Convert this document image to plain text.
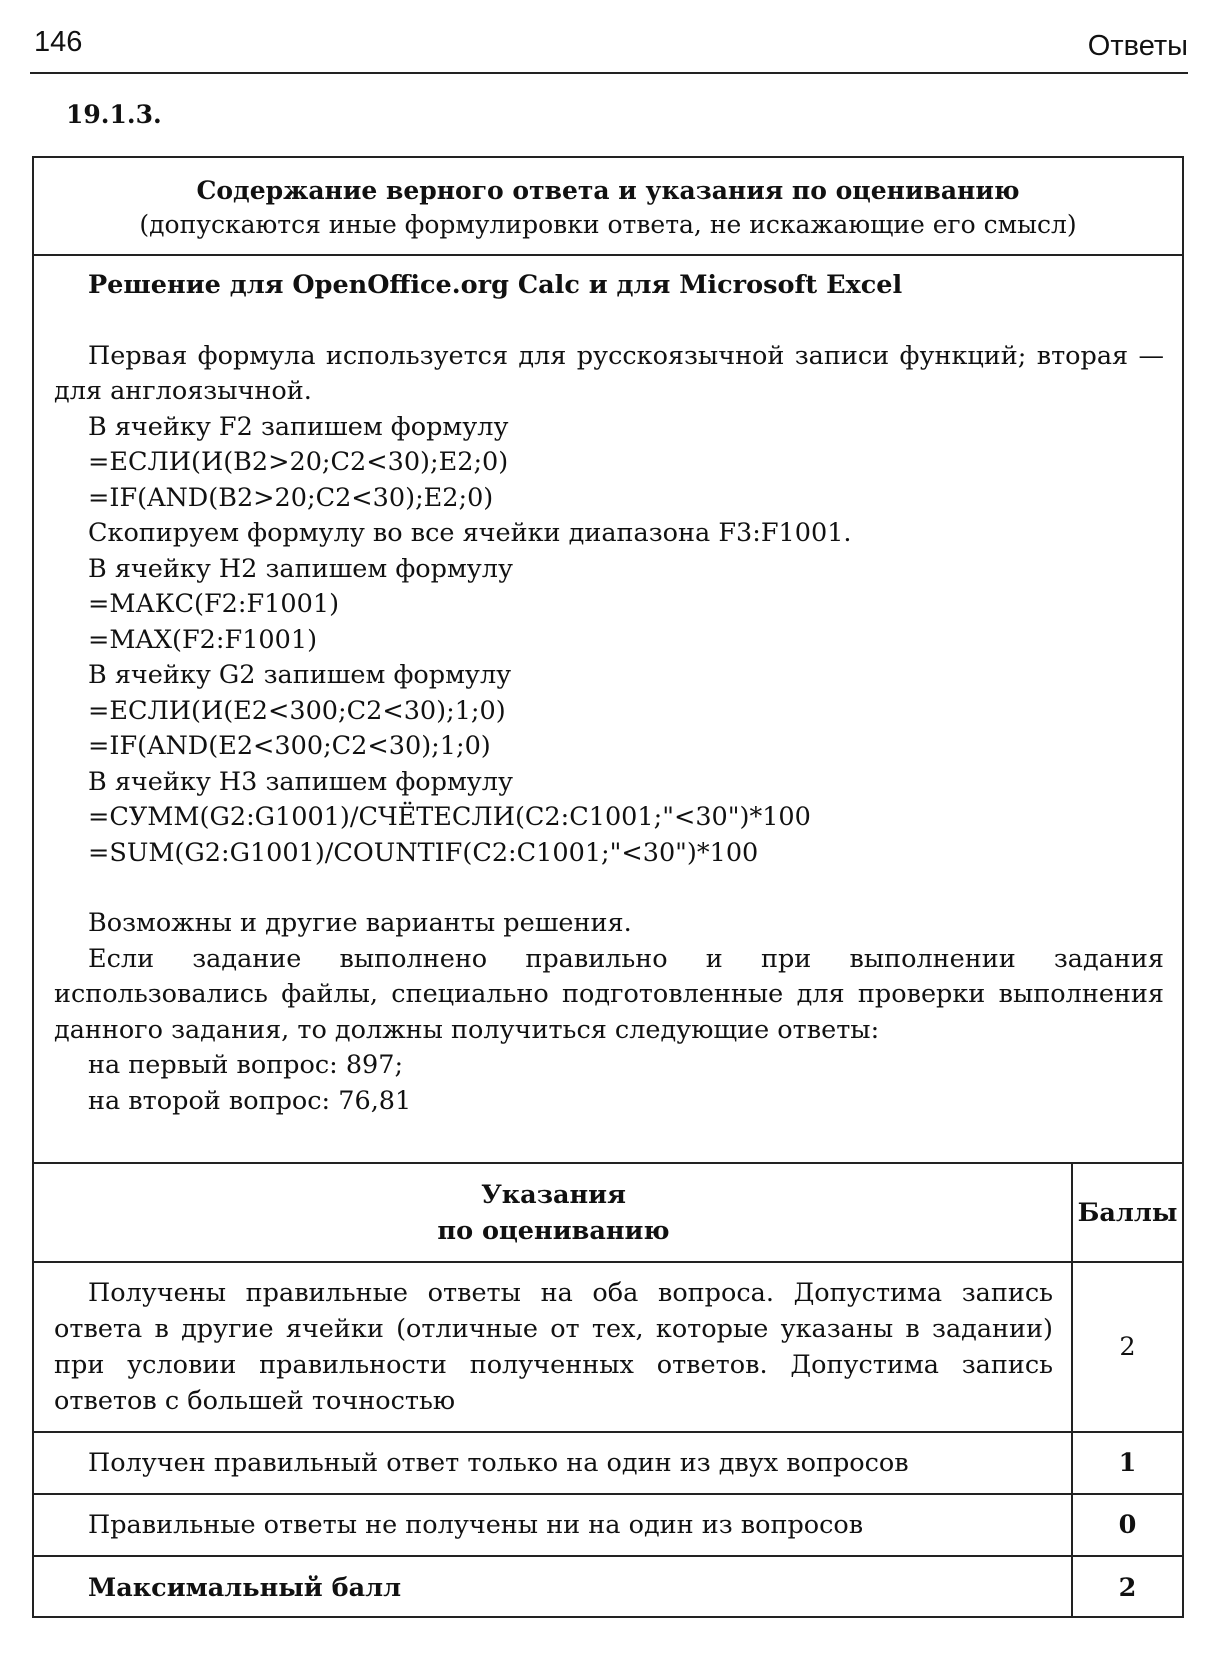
146	Ответы
19.1.3.
Содержание верного ответа и указания по оцениванию
(допускаются иные формулировки ответа, не искажающие его смысл)
Решение для OpenOffice.org Calc и для Microsoft Excel
Первая формула используется для русскоязычной записи функций; вторая — для англоязычной.
В ячейку F2 запишем формулу
=ЕСЛИ(И(B2>20;C2<30);E2;0)
=IF(AND(B2>20;C2<30);E2;0)
Скопируем формулу во все ячейки диапазона F3:F1001.
В ячейку H2 запишем формулу
=МАКС(F2:F1001)
=MAX(F2:F1001)
В ячейку G2 запишем формулу
=ЕСЛИ(И(E2<300;C2<30);1;0)
=IF(AND(E2<300;C2<30);1;0)
В ячейку H3 запишем формулу
=СУММ(G2:G1001)/СЧЁТЕСЛИ(C2:C1001;"<30")*100
=SUM(G2:G1001)/COUNTIF(C2:C1001;"<30")*100
Возможны и другие варианты решения.
Если задание выполнено правильно и при выполнении задания использовались файлы, специально подготовленные для проверки выполнения данного задания, то должны получиться следующие ответы:
на первый вопрос: 897;
на второй вопрос: 76,81
Указания
по оцениванию	Баллы
Получены правильные ответы на оба вопроса. Допустима запись ответа в другие ячейки (отличные от тех, которые указаны в задании) при условии правильности полученных ответов. Допустима запись ответов с большей точностью	2
Получен правильный ответ только на один из двух вопросов	1
Правильные ответы не получены ни на один из вопросов	0
Максимальный балл	2
